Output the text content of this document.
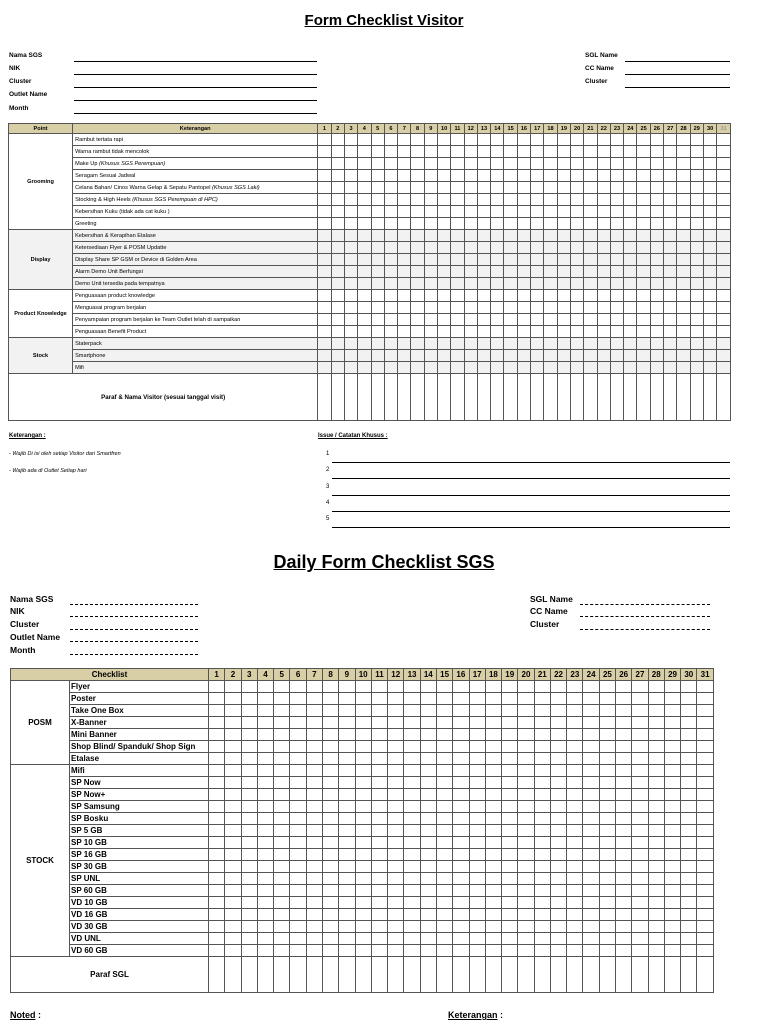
Form Checklist Visitor
Nama SGS
NIK
Cluster
Outlet Name
Month
SGL Name
CC Name
Cluster
Point	Keterangan	1	2	3	4	5	6	7	8	9	10	11	12	13	14	15	16	17	18	19	20	21	22	23	24	25	26	27	28	29	30	31
Grooming	Rambut tertata rapi																															
	Warna rambut tidak mencolok																															
	Make Up (Khusus SGS Perempuan)																															
	Seragam Sesuai Jadwal																															
	Celana Bahan/ Cinos Warna Gelap & Sepatu Pantopel (Khusus SGS Laki)																															
	Stocking & High Heels (Khusus SGS Perempuan di HPC)																															
	Kebersihan Kuku (tidak ada cat kuku )																															
	Greeting																															
Display	Kebersihan & Kerapihan Etalase																															
	Ketersediaan Flyer & POSM Updatte																															
	Display Share SP GSM or Device di Golden Area																															
	Alarm Demo Unit Berfungsi																															
	Demo Unit tersedia pada tempatnya																															
Product Knowledge	Penguasaan product knowledge																															
	Menguasai program berjalan																															
	Penyampaian program berjalan ke Team Outlet telah di sampaikan																															
	Penguasaan Benefit Product																															
Stock	Staterpack																															
	Smartphone																															
	Mifi																															
Paraf & Nama Visitor (sesuai tanggal visit)																																
Keterangan :
- Wajib Di isi oleh setiap Visitor dari Smartfren
- Wajib ada di Outlet Setiap hari
Issue / Catatan Khusus :
1
2
3
4
5
Daily Form Checklist SGS
Nama SGS
NIK
Cluster
Outlet Name
Month
SGL Name
CC Name
Cluster
Checklist		1	2	3	4	5	6	7	8	9	10	11	12	13	14	15	16	17	18	19	20	21	22	23	24	25	26	27	28	29	30	31
POSM	Flyer																															
	Poster																															
	Take One Box																															
	X-Banner																															
	Mini Banner																															
	Shop Blind/ Spanduk/ Shop Sign																															
	Etalase																															
STOCK	Mifi																															
	SP Now																															
	SP Now+																															
	SP Samsung																															
	SP Bosku																															
	SP 5 GB																															
	SP 10 GB																															
	SP 16 GB																															
	SP 30 GB																															
	SP UNL																															
	SP 60 GB																															
	VD 10 GB																															
	VD 16 GB																															
	VD 30 GB																															
	VD UNL																															
	VD 60 GB																															
Paraf SGL																																
Noted :	Keterangan :
